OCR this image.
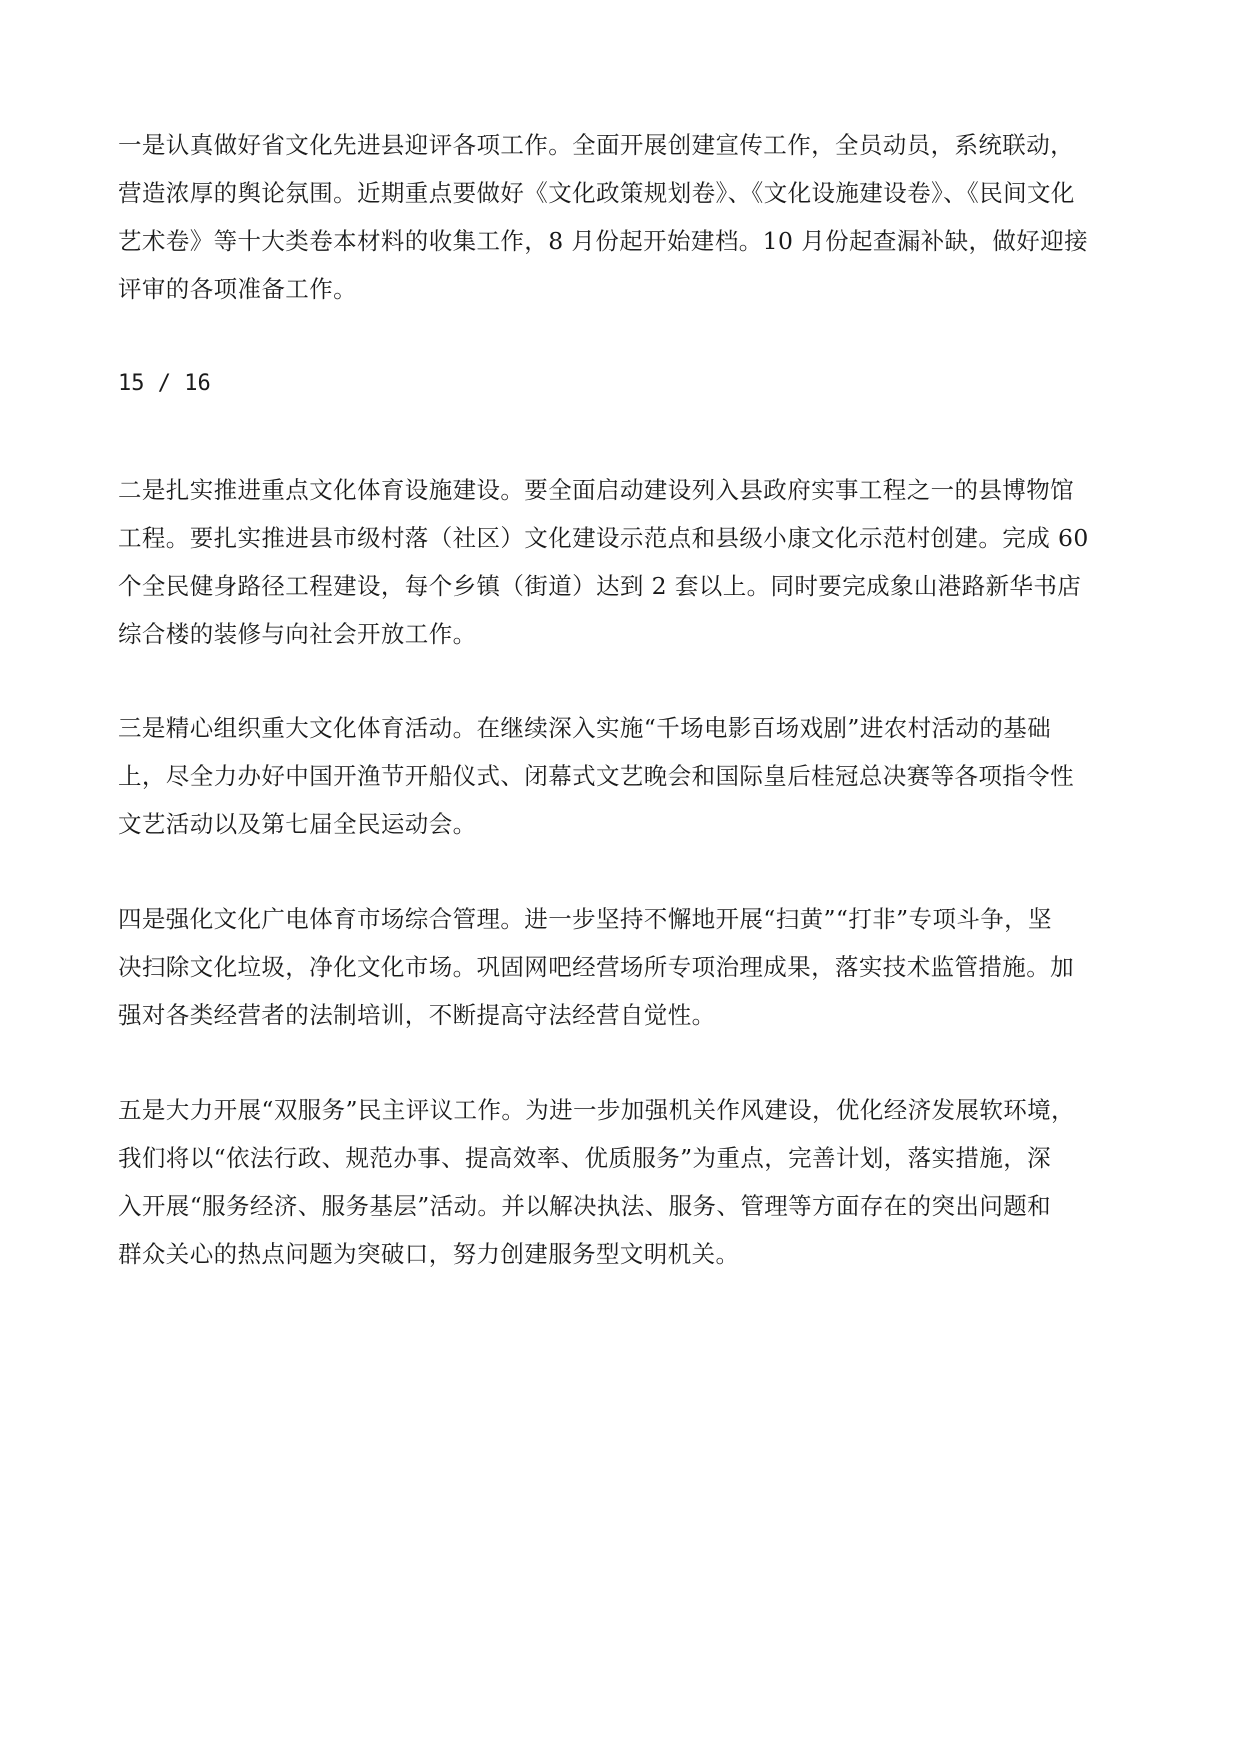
一是认真做好省文化先进县迎评各项工作。全面开展创建宣传工作，全员动员，系统联动，
营造浓厚的舆论氛围。近期重点要做好《文化政策规划卷》、《文化设施建设卷》、《民间文化
艺术卷》等十大类卷本材料的收集工作，8 月份起开始建档。10 月份起查漏补缺，做好迎接
评审的各项准备工作。

15 / 16

二是扎实推进重点文化体育设施建设。要全面启动建设列入县政府实事工程之一的县博物馆
工程。要扎实推进县市级村落（社区）文化建设示范点和县级小康文化示范村创建。完成 60
个全民健身路径工程建设，每个乡镇（街道）达到 2 套以上。同时要完成象山港路新华书店
综合楼的装修与向社会开放工作。

三是精心组织重大文化体育活动。在继续深入实施“千场电影百场戏剧”进农村活动的基础
上，尽全力办好中国开渔节开船仪式、闭幕式文艺晚会和国际皇后桂冠总决赛等各项指令性
文艺活动以及第七届全民运动会。

四是强化文化广电体育市场综合管理。进一步坚持不懈地开展“扫黄”“打非”专项斗争，坚
决扫除文化垃圾，净化文化市场。巩固网吧经营场所专项治理成果，落实技术监管措施。加
强对各类经营者的法制培训，不断提高守法经营自觉性。

五是大力开展“双服务”民主评议工作。为进一步加强机关作风建设，优化经济发展软环境，
我们将以“依法行政、规范办事、提高效率、优质服务”为重点，完善计划，落实措施，深
入开展“服务经济、服务基层”活动。并以解决执法、服务、管理等方面存在的突出问题和
群众关心的热点问题为突破口，努力创建服务型文明机关。
